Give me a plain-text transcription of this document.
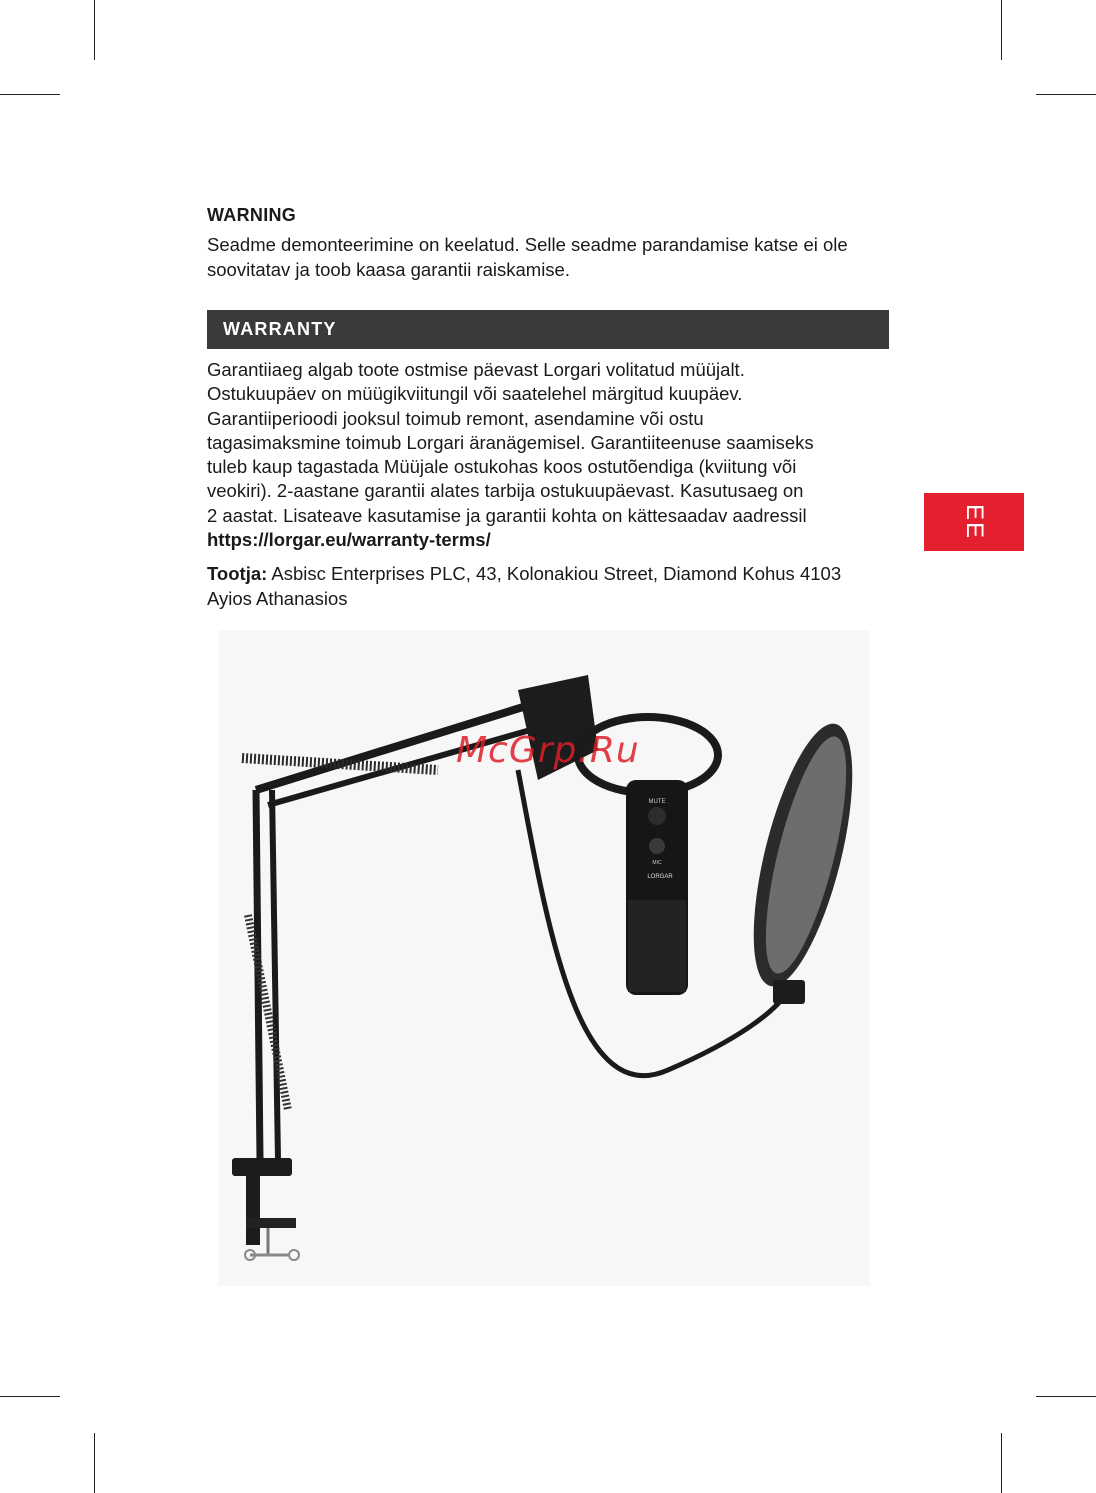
WARNING

Seadme demonteerimine on keelatud. Selle seadme parandamise katse ei ole soovitatav ja toob kaasa garantii raiskamise.

WARRANTY

Garantiiaeg algab toote ostmise päevast Lorgari volitatud müüjalt.
Ostukuupäev on müügikviitungil või saatelehel märgitud kuupäev.
Garantiiperioodi jooksul toimub remont, asendamine või ostu
tagasimaksmine toimub Lorgari äranägemisel. Garantiiteenuse saamiseks
tuleb kaup tagastada Müüjale ostukohas koos ostutõendiga (kviitung või
veokiri). 2-aastane garantii alates tarbija ostukuupäevast. Kasutusaeg on
2 aastat. Lisateave kasutamise ja garantii kohta on kättesaadav aadressil
https://lorgar.eu/warranty-terms/

Tootja: Asbisc Enterprises PLC, 43, Kolonakiou Street, Diamond Kohus 4103 Ayios Athanasios

EE
MUTE
MIC
LORGAR
McGrp.Ru
